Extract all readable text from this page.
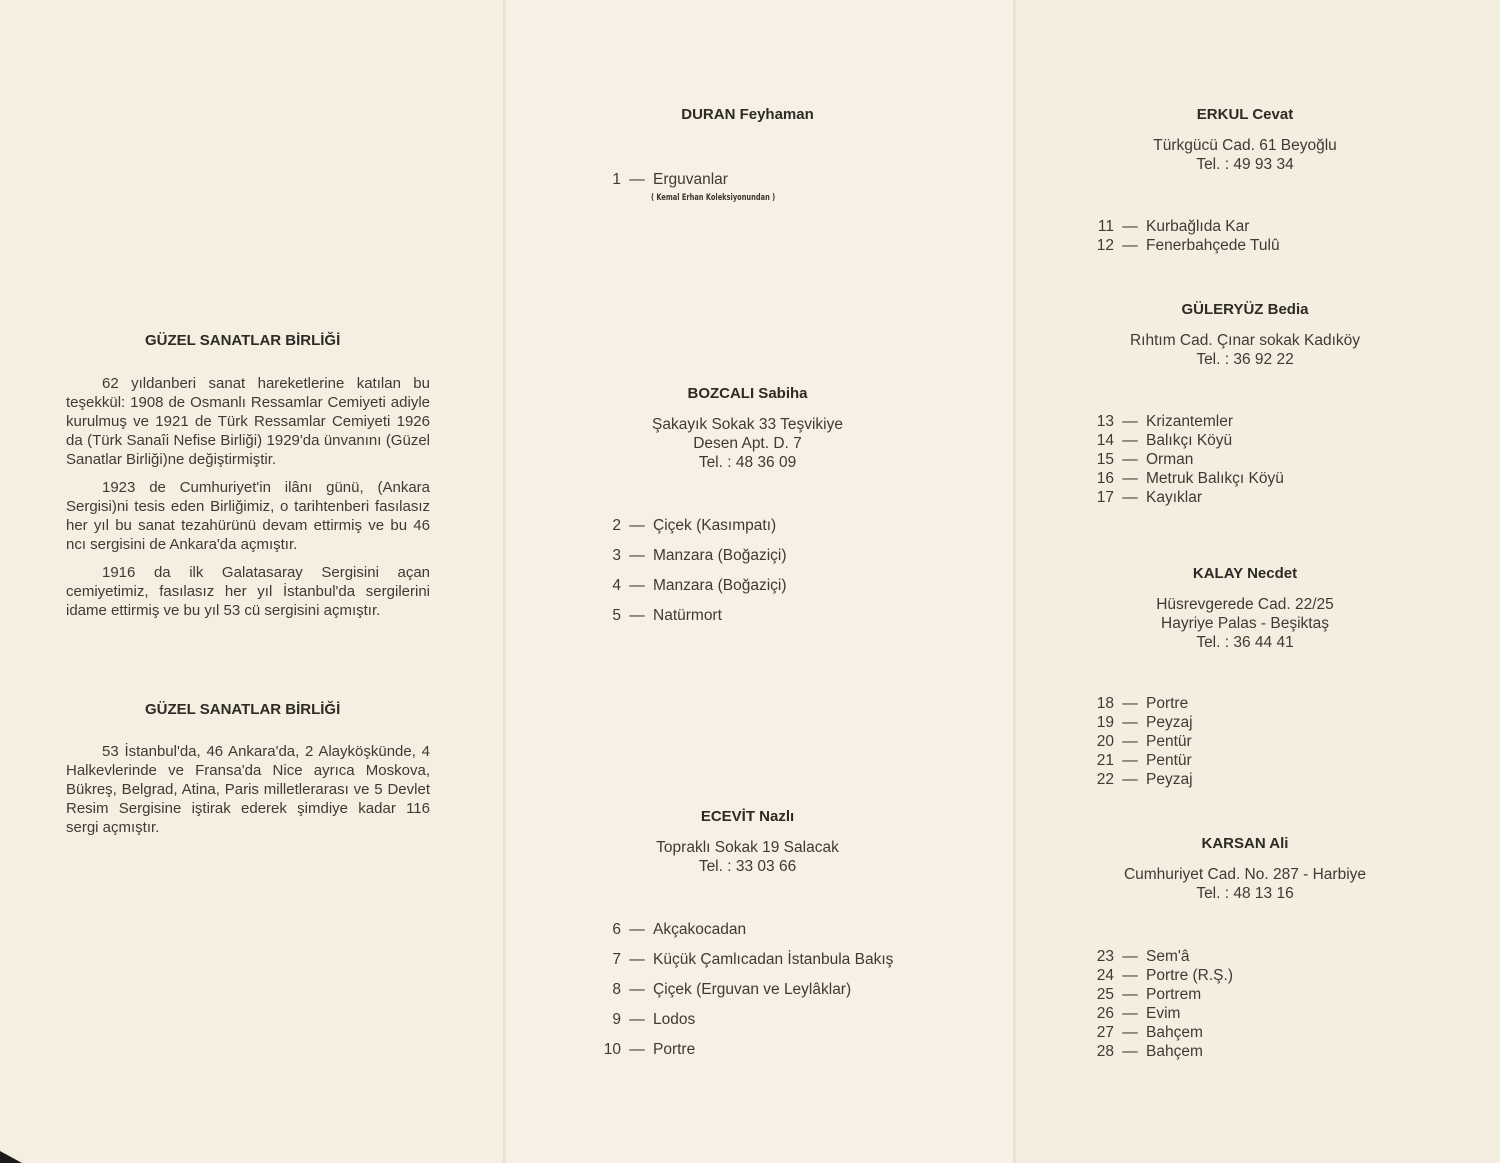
GÜZEL SANATLAR BİRLİĞİ

62 yıldanberi sanat hareketlerine katılan bu teşekkül: 1908 de Osmanlı Ressamlar Cemiyeti adiyle kurulmuş ve 1921 de Türk Ressamlar Cemiyeti 1926 da (Türk Sanaîi Nefise Birliği) 1929'da ünvanını (Güzel Sanatlar Birliği)ne değiştirmiştir.

1923 de Cumhuriyet'in ilânı günü, (Ankara Sergisi)ni tesis eden Birliğimiz, o tarihtenberi fasılasız her yıl bu sanat tezahürünü devam ettirmiş ve bu 46 ncı sergisini de Ankara'da açmıştır.

1916 da ilk Galatasaray Sergisini açan cemiyetimiz, fasılasız her yıl İstanbul'da sergilerini idame ettirmiş ve bu yıl 53 cü sergisini açmıştır.

GÜZEL SANATLAR BİRLİĞİ

53 İstanbul'da, 46 Ankara'da, 2 Alayköşkünde, 4 Halkevlerinde ve Fransa'da Nice ayrıca Moskova, Bükreş, Belgrad, Atina, Paris milletlerarası ve 5 Devlet Resim Sergisine iştirak ederek şimdiye kadar 116 sergi açmıştır.

DURAN Feyhaman
1 — Erguvanlar
( Kemal Erhan Koleksiyonundan )
BOZCALI Sabiha
Şakayık Sokak 33 Teşvikiye
Desen Apt. D. 7
Tel. : 48 36 09
2 — Çiçek (Kasımpatı)
3 — Manzara (Boğaziçi)
4 — Manzara (Boğaziçi)
5 — Natürmort
ECEVİT Nazlı
Topraklı Sokak 19 Salacak
Tel. : 33 03 66
6 — Akçakocadan
7 — Küçük Çamlıcadan İstanbula Bakış
8 — Çiçek (Erguvan ve Leylâklar)
9 — Lodos
10 — Portre
ERKUL Cevat
Türkgücü Cad. 61 Beyoğlu
Tel. : 49 93 34
11 — Kurbağlıda Kar
12 — Fenerbahçede Tulû
GÜLERYÜZ Bedia
Rıhtım Cad. Çınar sokak Kadıköy
Tel. : 36 92 22
13 — Krizantemler
14 — Balıkçı Köyü
15 — Orman
16 — Metruk Balıkçı Köyü
17 — Kayıklar
KALAY Necdet
Hüsrevgerede Cad. 22/25
Hayriye Palas - Beşiktaş
Tel. : 36 44 41
18 — Portre
19 — Peyzaj
20 — Pentür
21 — Pentür
22 — Peyzaj
KARSAN Ali
Cumhuriyet Cad. No. 287 - Harbiye
Tel. : 48 13 16
23 — Sem'â
24 — Portre (R.Ş.)
25 — Portrem
26 — Evim
27 — Bahçem
28 — Bahçem
